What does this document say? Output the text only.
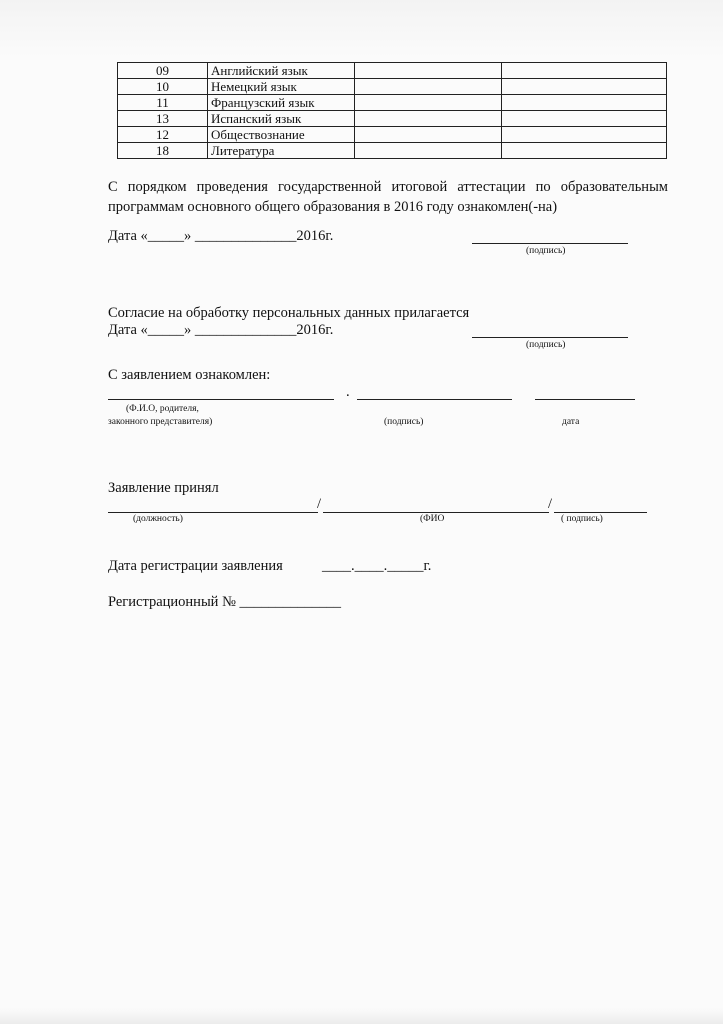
09	Английский язык		
10	Немецкий язык		
11	Французский язык		
13	Испанский язык		
12	Обществознание		
18	Литература		
С порядком проведения государственной итоговой аттестации по образовательным программам основного общего образования в 2016 году ознакомлен(-на)
Дата «_____» ______________2016г.
(подпись)
Согласие на обработку персональных данных прилагается
Дата «_____» ______________2016г.
(подпись)
С заявлением ознакомлен:
.
(Ф.И.О, родителя,
законного представителя)	(подпись)	дата
Заявление принял
/	/
(должность)	(ФИО	( подпись)
Дата регистрации заявления	____.____._____г.
Регистрационный № ______________
